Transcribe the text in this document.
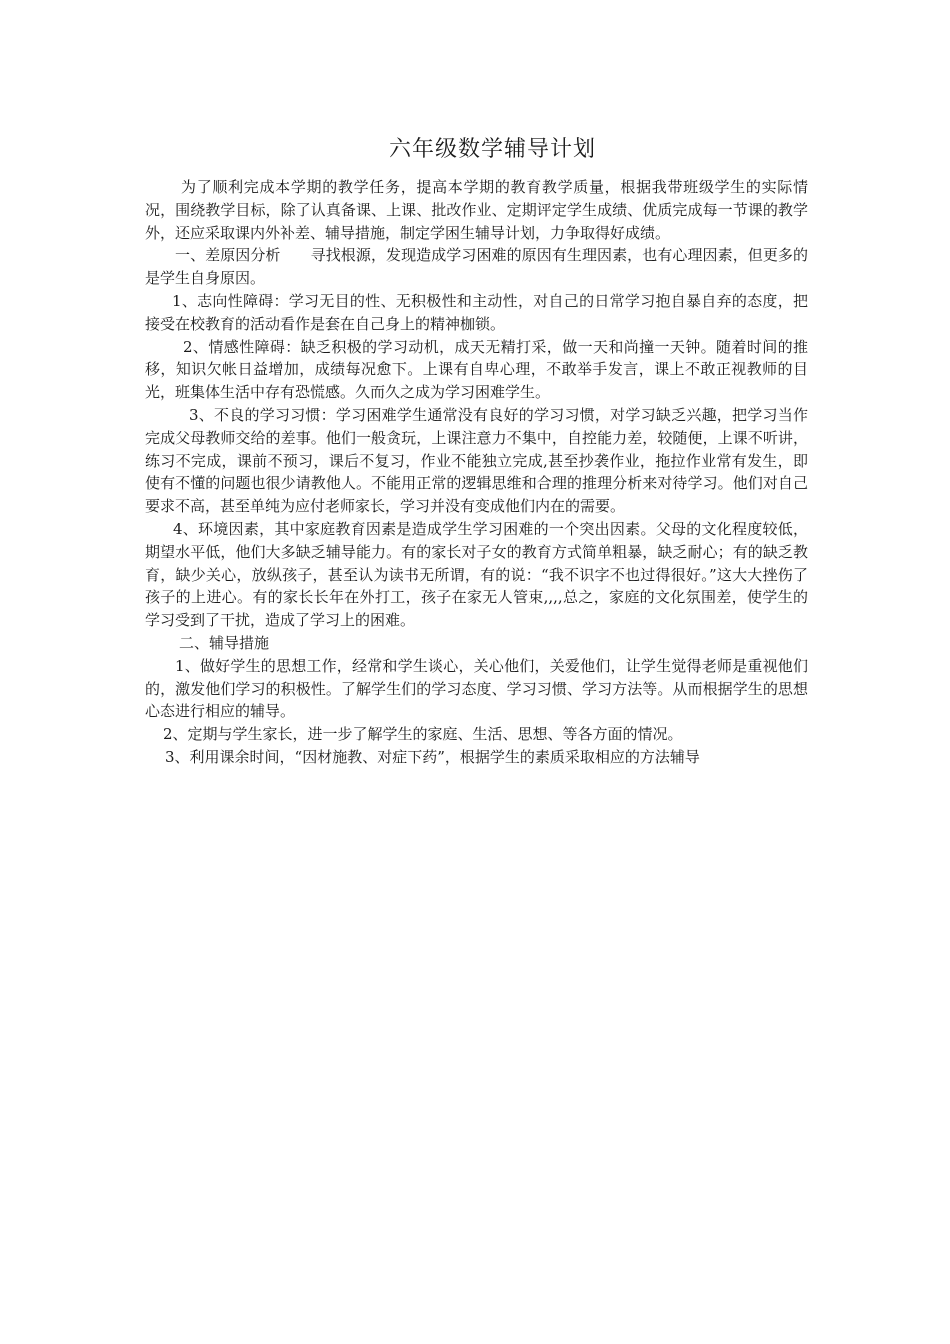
六年级数学辅导计划

为了顺利完成本学期的教学任务，提高本学期的教育教学质量，根据我带班级学生的实际情况，围绕教学目标，除了认真备课、上课、批改作业、定期评定学生成绩、优质完成每一节课的教学外，还应采取课内外补差、辅导措施，制定学困生辅导计划，力争取得好成绩。

一、差原因分析　　寻找根源，发现造成学习困难的原因有生理因素，也有心理因素，但更多的是学生自身原因。

1、志向性障碍：学习无目的性、无积极性和主动性，对自己的日常学习抱自暴自弃的态度，把接受在校教育的活动看作是套在自己身上的精神枷锁。

2、情感性障碍：缺乏积极的学习动机，成天无精打采，做一天和尚撞一天钟。随着时间的推移，知识欠帐日益增加，成绩每况愈下。上课有自卑心理，不敢举手发言，课上不敢正视教师的目光，班集体生活中存有恐慌感。久而久之成为学习困难学生。

3、不良的学习习惯：学习困难学生通常没有良好的学习习惯，对学习缺乏兴趣，把学习当作完成父母教师交给的差事。他们一般贪玩，上课注意力不集中，自控能力差，较随便，上课不听讲，练习不完成，课前不预习，课后不复习，作业不能独立完成,甚至抄袭作业，拖拉作业常有发生，即使有不懂的问题也很少请教他人。不能用正常的逻辑思维和合理的推理分析来对待学习。他们对自己要求不高，甚至单纯为应付老师家长，学习并没有变成他们内在的需要。

4、环境因素，其中家庭教育因素是造成学生学习困难的一个突出因素。父母的文化程度较低，期望水平低，他们大多缺乏辅导能力。有的家长对子女的教育方式简单粗暴，缺乏耐心；有的缺乏教育，缺少关心，放纵孩子，甚至认为读书无所谓，有的说：“我不识字不也过得很好。”这大大挫伤了孩子的上进心。有的家长长年在外打工，孩子在家无人管束,,,,总之，家庭的文化氛围差，使学生的学习受到了干扰，造成了学习上的困难。

二、辅导措施

1、做好学生的思想工作，经常和学生谈心，关心他们，关爱他们，让学生觉得老师是重视他们的，激发他们学习的积极性。了解学生们的学习态度、学习习惯、学习方法等。从而根据学生的思想心态进行相应的辅导。

2、定期与学生家长，进一步了解学生的家庭、生活、思想、等各方面的情况。

3、利用课余时间，“因材施教、对症下药”，根据学生的素质采取相应的方法辅导
